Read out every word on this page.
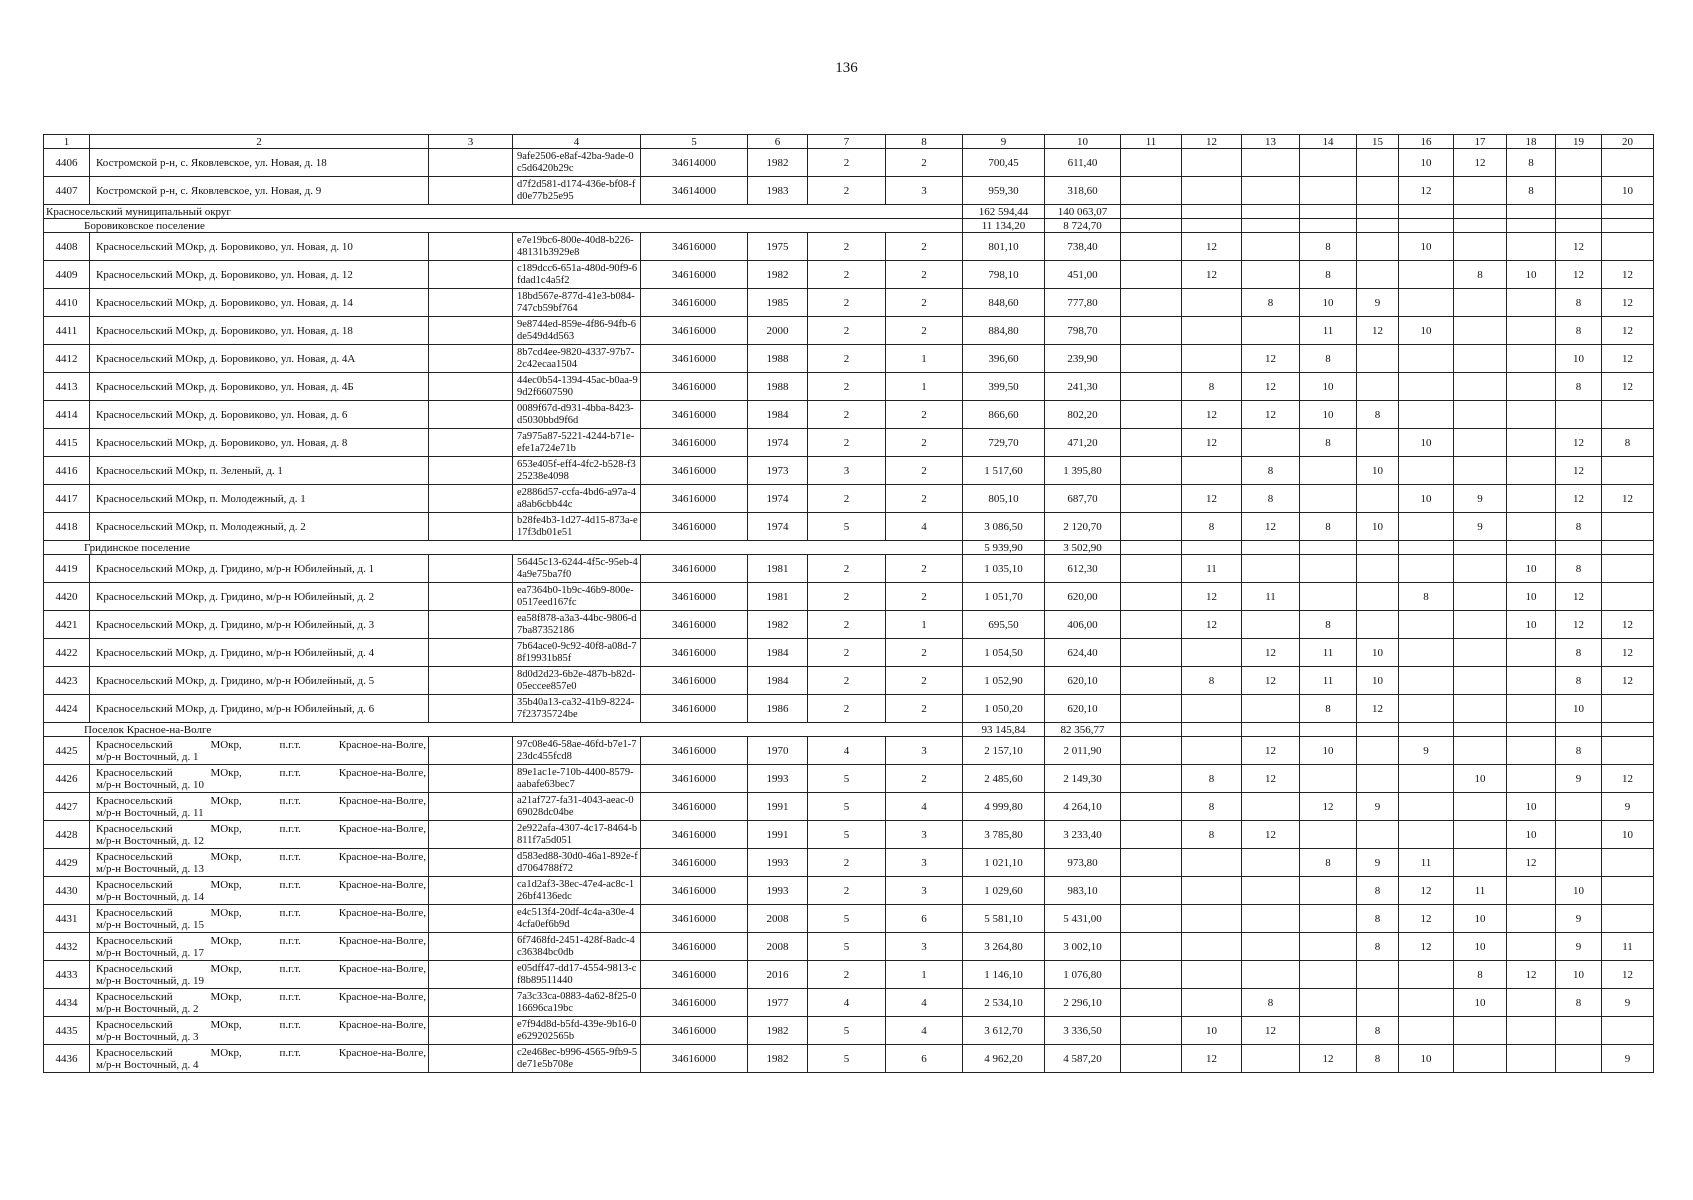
136
1	2	3	4	5	6	7	8	9	10	11	12	13	14	15	16	17	18	19	20
4406	Костромской р-н, с. Яковлевское, ул. Новая, д. 18		9afe2506-e8af-42ba-9ade-0c5d6420b29c	34614000	1982	2	2	700,45	611,40						10	12	8		
4407	Костромской р-н, с. Яковлевское, ул. Новая, д. 9		d7f2d581-d174-436e-bf08-fd0e77b25e95	34614000	1983	2	3	959,30	318,60						12		8		10
Красносельский муниципальный округ								162 594,44	140 063,07										
Боровиковское поселение								11 134,20	8 724,70										
4408	Красносельский МОкр, д. Боровиково, ул. Новая, д. 10		e7e19bc6-800e-40d8-b226-48131b3929e8	34616000	1975	2	2	801,10	738,40		12		8		10			12	
4409	Красносельский МОкр, д. Боровиково, ул. Новая, д. 12		c189dcc6-651a-480d-90f9-6fdad1c4a5f2	34616000	1982	2	2	798,10	451,00		12		8			8	10	12	12
4410	Красносельский МОкр, д. Боровиково, ул. Новая, д. 14		18bd567e-877d-41e3-b084-747cb59bf764	34616000	1985	2	2	848,60	777,80			8	10	9				8	12
4411	Красносельский МОкр, д. Боровиково, ул. Новая, д. 18		9e8744ed-859e-4f86-94fb-6de549d4d563	34616000	2000	2	2	884,80	798,70				11	12	10			8	12
4412	Красносельский МОкр, д. Боровиково, ул. Новая, д. 4А		8b7cd4ee-9820-4337-97b7-2c42ecaa1504	34616000	1988	2	1	396,60	239,90			12	8					10	12
4413	Красносельский МОкр, д. Боровиково, ул. Новая, д. 4Б		44ec0b54-1394-45ac-b0aa-99d2f6607590	34616000	1988	2	1	399,50	241,30		8	12	10					8	12
4414	Красносельский МОкр, д. Боровиково, ул. Новая, д. 6		0089f67d-d931-4bba-8423-d5030bbd9f6d	34616000	1984	2	2	866,60	802,20		12	12	10	8					
4415	Красносельский МОкр, д. Боровиково, ул. Новая, д. 8		7a975a87-5221-4244-b71e-efe1a724e71b	34616000	1974	2	2	729,70	471,20		12		8		10			12	8
4416	Красносельский МОкр, п. Зеленый, д. 1		653e405f-eff4-4fc2-b528-f325238e4098	34616000	1973	3	2	1 517,60	1 395,80			8		10				12	
4417	Красносельский МОкр, п. Молодежный, д. 1		e2886d57-ccfa-4bd6-a97a-4a8ab6cbb44c	34616000	1974	2	2	805,10	687,70		12	8			10	9		12	12
4418	Красносельский МОкр, п. Молодежный, д. 2		b28fe4b3-1d27-4d15-873a-e17f3db01e51	34616000	1974	5	4	3 086,50	2 120,70		8	12	8	10		9		8	
Гридинское поселение								5 939,90	3 502,90										
4419	Красносельский МОкр, д. Гридино, м/р-н Юбилейный, д. 1		56445c13-6244-4f5c-95eb-44a9e75ba7f0	34616000	1981	2	2	1 035,10	612,30		11						10	8	
4420	Красносельский МОкр, д. Гридино, м/р-н Юбилейный, д. 2		ea7364b0-1b9c-46b9-800e-0517eed167fc	34616000	1981	2	2	1 051,70	620,00		12	11			8		10	12	
4421	Красносельский МОкр, д. Гридино, м/р-н Юбилейный, д. 3		ea58f878-a3a3-44bc-9806-d7ba87352186	34616000	1982	2	1	695,50	406,00		12		8				10	12	12
4422	Красносельский МОкр, д. Гридино, м/р-н Юбилейный, д. 4		7b64ace0-9c92-40f8-a08d-78f19931b85f	34616000	1984	2	2	1 054,50	624,40			12	11	10				8	12
4423	Красносельский МОкр, д. Гридино, м/р-н Юбилейный, д. 5		8d0d2d23-6b2e-487b-b82d-05eccee857e0	34616000	1984	2	2	1 052,90	620,10		8	12	11	10				8	12
4424	Красносельский МОкр, д. Гридино, м/р-н Юбилейный, д. 6		35b40a13-ca32-41b9-8224-7f23735724be	34616000	1986	2	2	1 050,20	620,10				8	12				10	
Поселок Красное-на-Волге								93 145,84	82 356,77										
4425	Красносельский МОкр, п.г.т. Красное-на-Волге,
м/р-н Восточный, д. 1		97c08e46-58ae-46fd-b7e1-723dc455fcd8	34616000	1970	4	3	2 157,10	2 011,90			12	10		9			8	
4426	Красносельский МОкр, п.г.т. Красное-на-Волге,
м/р-н Восточный, д. 10		89e1ac1e-710b-4400-8579-aabafe63bec7	34616000	1993	5	2	2 485,60	2 149,30		8	12				10		9	12
4427	Красносельский МОкр, п.г.т. Красное-на-Волге,
м/р-н Восточный, д. 11		a21af727-fa31-4043-aeac-069028dc04be	34616000	1991	5	4	4 999,80	4 264,10		8		12	9			10		9
4428	Красносельский МОкр, п.г.т. Красное-на-Волге,
м/р-н Восточный, д. 12		2e922afa-4307-4c17-8464-b811f7a5d051	34616000	1991	5	3	3 785,80	3 233,40		8	12					10		10
4429	Красносельский МОкр, п.г.т. Красное-на-Волге,
м/р-н Восточный, д. 13		d583ed88-30d0-46a1-892e-fd7064788f72	34616000	1993	2	3	1 021,10	973,80				8	9	11		12		
4430	Красносельский МОкр, п.г.т. Красное-на-Волге,
м/р-н Восточный, д. 14		ca1d2af3-38ec-47e4-ac8c-126bf4136edc	34616000	1993	2	3	1 029,60	983,10					8	12	11		10	
4431	Красносельский МОкр, п.г.т. Красное-на-Волге,
м/р-н Восточный, д. 15		e4c513f4-20df-4c4a-a30e-44cfa0ef6b9d	34616000	2008	5	6	5 581,10	5 431,00					8	12	10		9	
4432	Красносельский МОкр, п.г.т. Красное-на-Волге,
м/р-н Восточный, д. 17		6f7468fd-2451-428f-8adc-4c36384bc0db	34616000	2008	5	3	3 264,80	3 002,10					8	12	10		9	11
4433	Красносельский МОкр, п.г.т. Красное-на-Волге,
м/р-н Восточный, д. 19		e05dff47-dd17-4554-9813-cf8b89511440	34616000	2016	2	1	1 146,10	1 076,80							8	12	10	12
4434	Красносельский МОкр, п.г.т. Красное-на-Волге,
м/р-н Восточный, д. 2		7a3c33ca-0883-4a62-8f25-016696ca19bc	34616000	1977	4	4	2 534,10	2 296,10			8				10		8	9
4435	Красносельский МОкр, п.г.т. Красное-на-Волге,
м/р-н Восточный, д. 3		e7f94d8d-b5fd-439e-9b16-0e629202565b	34616000	1982	5	4	3 612,70	3 336,50		10	12		8					
4436	Красносельский МОкр, п.г.т. Красное-на-Волге,
м/р-н Восточный, д. 4		c2e468ec-b996-4565-9fb9-5de71e5b708e	34616000	1982	5	6	4 962,20	4 587,20		12		12	8	10				9
